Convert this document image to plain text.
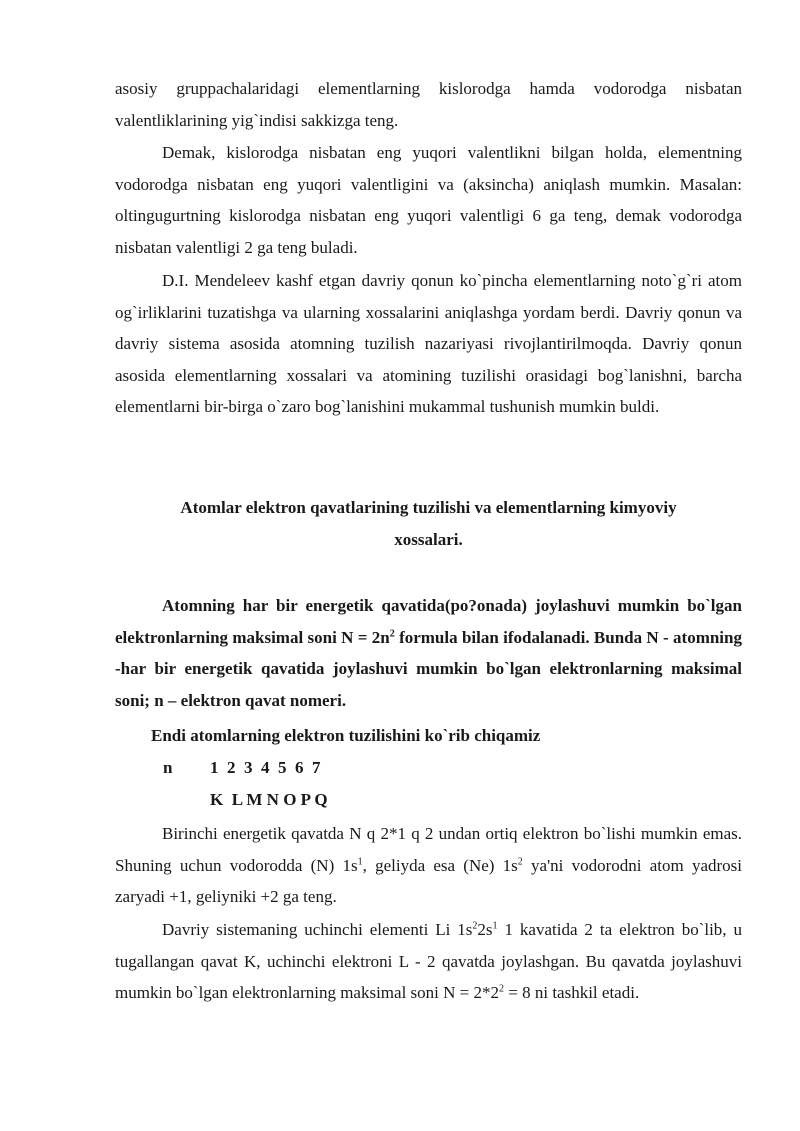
asosiy gruppachalaridagi elementlarning kislorodga hamda vodorodga nisbatan valentliklarining yig`indisi sakkizga teng.

Demak, kislorodga nisbatan eng yuqori valentlikni bilgan holda, elementning vodorodga nisbatan eng yuqori valentligini va (aksincha) aniqlash mumkin. Masalan: oltingugurtning kislorodga nisbatan eng yuqori valentligi 6 ga teng, demak vodorodga nisbatan valentligi 2 ga teng buladi.

D.I. Mendeleev kashf etgan davriy qonun ko`pincha elementlarning noto`g`ri atom og`irliklarini tuzatishga va ularning xossalarini aniqlashga yordam berdi. Davriy qonun va davriy sistema asosida atomning tuzilish nazariyasi rivojlantirilmoqda. Davriy qonun asosida elementlarning xossalari va atomining tuzilishi orasidagi bog`lanishni, barcha elementlarni bir-birga o`zaro bog`lanishini mukammal tushunish mumkin buldi.

Atomlar elektron qavatlarining tuzilishi va elementlarning kimyoviy xossalari.

Atomning har bir energetik qavatida(po?onada) joylashuvi mumkin bo`lgan elektronlarning maksimal soni $N = 2n^2$ formula bilan ifodalanadi. Bunda N - atomning -har bir energetik qavatida joylashuvi mumkin bo`lgan elektronlarning maksimal soni; n – elektron qavat nomeri.

Endi atomlarning elektron tuzilishini ko`rib chiqamiz

n 1  2  3  4  5  6  7
K  L M N O P Q

Birinchi energetik qavatda N q 2*1 q 2 undan ortiq elektron bo`lishi mumkin emas. Shuning uchun vodorodda (N) $1s^1$, geliyda esa (Ne) $1s^2$ ya'ni vodorodni atom yadrosi zaryadi +1, geliyniki +2 ga teng.

Davriy sistemaning uchinchi elementi Li $1s^22s^1$ 1 kavatida 2 ta elektron bo`lib, u tugallangan qavat K, uchinchi elektroni L - 2 qavatda joylashgan. Bu qavatda joylashuvi mumkin bo`lgan elektronlarning maksimal soni $N = 2*2^2 = 8$ ni tashkil etadi.
